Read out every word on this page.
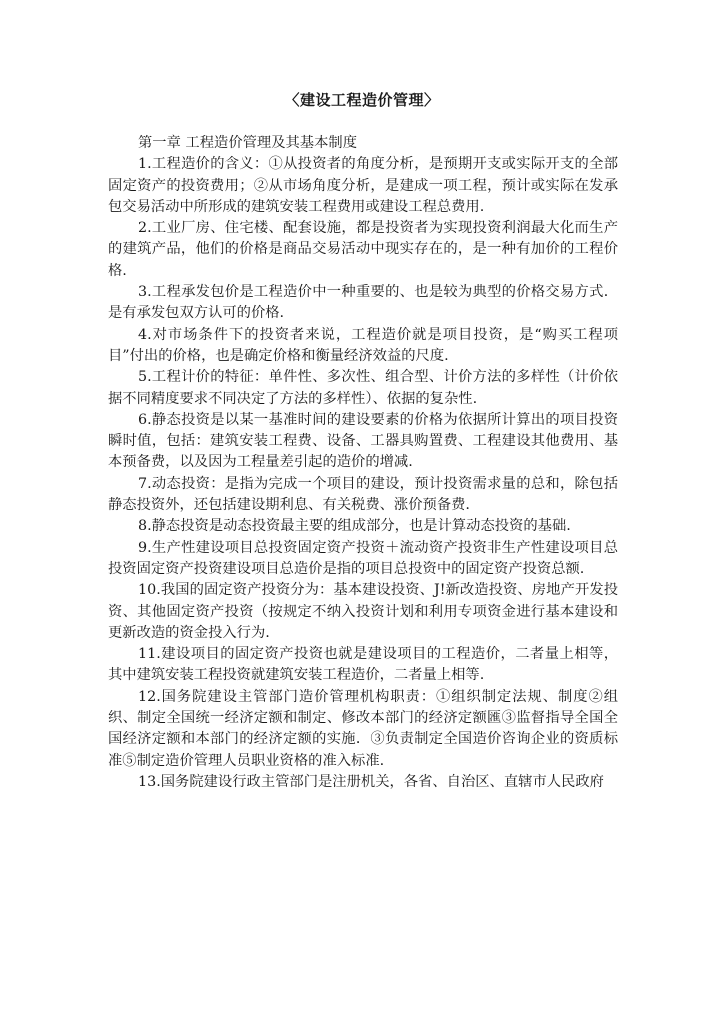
〈建设工程造价管理〉

第一章 工程造价管理及其基本制度

1.工程造价的含义：①从投资者的角度分析，是预期开支或实际开支的全部固定资产的投资费用；②从市场角度分析，是建成一项工程，预计或实际在发承包交易活动中所形成的建筑安装工程费用或建设工程总费用.

2.工业厂房、住宅楼、配套设施，都是投资者为实现投资利润最大化而生产的建筑产品，他们的价格是商品交易活动中现实存在的，是一种有加价的工程价格.

3.工程承发包价是工程造价中一种重要的、也是较为典型的价格交易方式．是有承发包双方认可的价格.

4.对市场条件下的投资者来说，工程造价就是项目投资，是“购买工程项目”付出的价格，也是确定价格和衡量经济效益的尺度.

5.工程计价的特征：单件性、多次性、组合型、计价方法的多样性（计价依据不同精度要求不同决定了方法的多样性）、依据的复杂性.

6.静态投资是以某一基准时间的建设要素的价格为依据所计算出的项目投资瞬时值，包括：建筑安装工程费、设备、工器具购置费、工程建设其他费用、基本预备费，以及因为工程量差引起的造价的增减.

7.动态投资：是指为完成一个项目的建设，预计投资需求量的总和，除包括静态投资外，还包括建设期利息、有关税费、涨价预备费.

8.静态投资是动态投资最主要的组成部分，也是计算动态投资的基础.

9.生产性建设项目总投资固定资产投资＋流动资产投资非生产性建设项目总投资固定资产投资建设项目总造价是指的项目总投资中的固定资产投资总额.

10.我国的固定资产投资分为：基本建设投资、J!新改造投资、房地产开发投资、其他固定资产投资（按规定不纳入投资计划和利用专项资金进行基本建设和更新改造的资金投入行为.

11.建设项目的固定资产投资也就是建设项目的工程造价，二者量上相等，其中建筑安装工程投资就建筑安装工程造价，二者量上相等.

12.国务院建设主管部门造价管理机构职责：①组织制定法规、制度②组织、制定全国统一经济定额和制定、修改本部门的经济定额匯③监督指导全国全国经济定额和本部门的经济定额的实施．③负责制定全国造价咨询企业的资质标准⑤制定造价管理人员职业资格的准入标准.

13.国务院建设行政主管部门是注册机关，各省、自治区、直辖市人民政府
